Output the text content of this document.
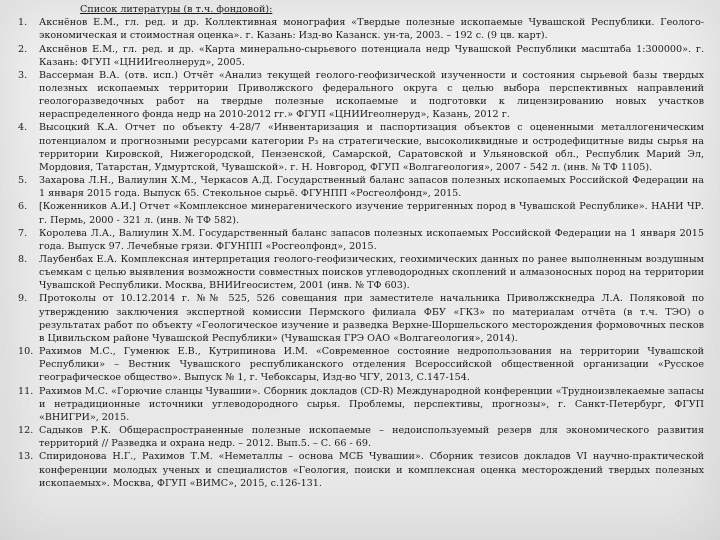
Список литературы (в т.ч. фондовой):
1.	Акснёнов Е.М., гл. ред. и др. Коллективная монография «Твердые полезные ископаемые Чувашской Республики. Геолого-экономическая и стоимостная оценка». г. Казань: Изд-во Казанск. ун-та, 2003. – 192 с. (9 цв. карт).
2.	Акснёнов Е.М., гл. ред. и др. «Карта минерально-сырьевого потенциала недр Чувашской Республики масштаба 1:300000». г. Казань: ФГУП «ЦНИИгеолнеруд», 2005.
3.	Вассерман В.А. (отв. исп.) Отчёт «Анализ текущей геолого-геофизической изученности и состояния сырьевой базы твердых полезных ископаемых территории Приволжского федерального округа с целью выбора перспективных направлений геологоразведочных работ на твердые полезные ископаемые и подготовки к лицензированию новых участков нераспределенного фонда недр на 2010-2012 гг.» ФГУП «ЦНИИгеолнеруд», Казань, 2012 г.
4.	Высоцкий К.А. Отчет по объекту 4-28/7 «Инвентаризация и паспортизация объектов с оцененными металлогеническим потенциалом и прогнозными ресурсами категории P₃ на стратегические, высоколиквидные и остродефицитные виды сырья на территории Кировской, Нижегородской, Пензенской, Самарской, Саратовской и Ульяновской обл., Республик Марий Эл, Мордовия, Татарстан, Удмуртской, Чувашской». г. Н. Новгород, ФГУП «Волгагеология», 2007 - 542 л. (инв. № ТФ 1105).
5.	Захарова Л.Н., Валиулин Х.М., Черкасов А.Д. Государственный баланс запасов полезных ископаемых Российской Федерации на 1 января 2015 года. Выпуск 65. Стекольное сырьё. ФГУНПП «Росгеолфонд», 2015.
6.	[Коженников А.И.] Отчет «Комплексное минерагенического изучение терригенных пород в Чувашской Республике». НАНИ ЧР. г. Пермь, 2000 - 321 л. (инв. № ТФ 582).
7.	Королева Л.А., Валиулин Х.М. Государственный баланс запасов полезных ископаемых Российской Федерации на 1 января 2015 года. Выпуск 97. Лечебные грязи. ФГУНПП «Росгеолфонд», 2015.
8.	Лаубенбах Е.А. Комплексная интерпретация геолого-геофизических, геохимических данных по ранее выполненным воздушным съемкам с целью выявления возможности совместных поисков углеводородных скоплений и алмазоносных пород на территории Чувашской Республики. Москва, ВНИИгеосистем, 2001 (инв. № ТФ 603).
9.	Протоколы от 10.12.2014 г. №№ 525, 526 совещания при заместителе начальника Приволжскнедра Л.А. Поляковой по утверждению заключения экспертной комиссии Пермского филиала ФБУ «ГКЗ» по материалам отчёта (в т.ч. ТЭО) о результатах работ по объекту «Геологическое изучение и разведка Верхне-Шоршельского месторождения формовочных песков в Цивильском районе Чувашской Республики» (Чувашская ГРЭ ОАО «Волгагеология», 2014).
10. Рахимов М.С., Гуменюк Е.В., Кутрипинова И.М. «Современное состояние недропользования на территории Чувашской Республики» – Вестник Чувашского республиканского отделения Всероссийской общественной организации «Русское географическое общество». Выпуск № 1, г. Чебоксары, Изд-во ЧГУ, 2013, С.147-154.
11. Рахимов М.С. «Горючие сланцы Чувашии». Сборник докладов (CD-R) Международной конференции «Трудноизвлекаемые запасы и нетрадиционные источники углеводородного сырья. Проблемы, перспективы, прогнозы», г. Санкт-Петербург, ФГУП «ВНИГРИ», 2015.
12. Садыков Р.К. Общераспространенные полезные ископаемые – недоиспользуемый резерв для экономического развития территорий // Разведка и охрана недр. – 2012. Вып.5. – С. 66 - 69.
13. Спиридонова Н.Г., Рахимов Т.М. «Неметаллы – основа МСБ Чувашии». Сборник тезисов докладов VI научно-практической конференции молодых ученых и специалистов «Геология, поиски и комплексная оценка месторождений твердых полезных ископаемых». Москва, ФГУП «ВИМС», 2015, с.126-131.
